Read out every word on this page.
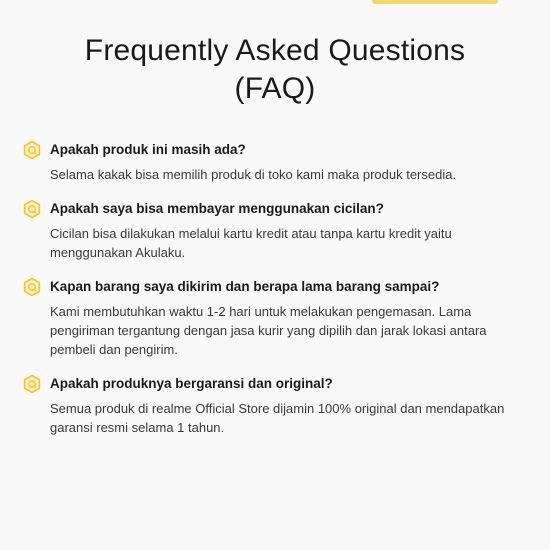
Frequently Asked Questions
(FAQ)
Apakah produk ini masih ada?
Selama kakak bisa memilih produk di toko kami maka produk tersedia.
Apakah saya bisa membayar menggunakan cicilan?
Cicilan bisa dilakukan melalui kartu kredit atau tanpa kartu kredit yaitu menggunakan Akulaku.
Kapan barang saya dikirim dan berapa lama barang sampai?
Kami membutuhkan waktu 1-2 hari untuk melakukan pengemasan. Lama pengiriman tergantung dengan jasa kurir yang dipilih dan jarak lokasi antara pembeli dan pengirim.
Apakah produknya bergaransi dan original?
Semua produk di realme Official Store dijamin 100% original dan mendapatkan garansi resmi selama 1 tahun.
